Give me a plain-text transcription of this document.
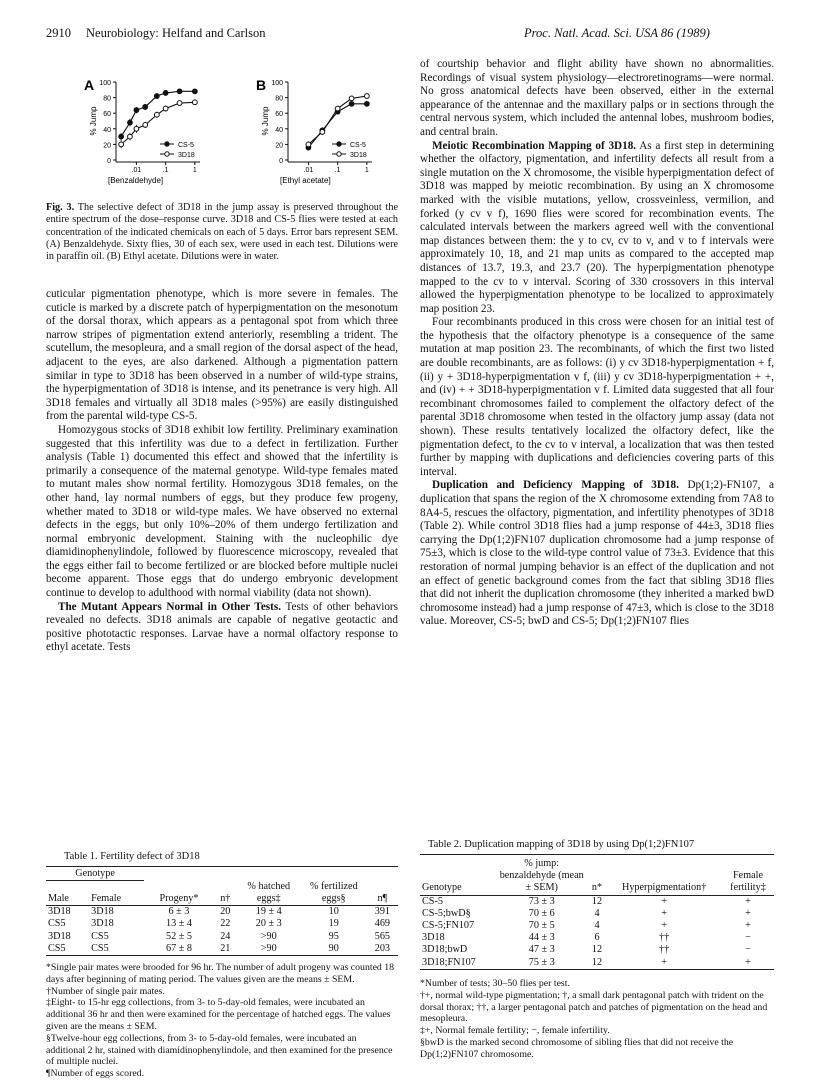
2910 Neurobiology: Helfand and Carlson	Proc. Natl. Acad. Sci. USA 86 (1989)
A
0
20
40
60
80
100
.01	.1	1
% Jump
[Benzaldehyde]
CS-5
3D18
B
0
20
40
60
80
100
.01	.1	1
% Jump
[Ethyl acetate]
CS-5
3D18
Fig. 3. The selective defect of 3D18 in the jump assay is preserved throughout the entire spectrum of the dose–response curve. 3D18 and CS-5 flies were tested at each concentration of the indicated chemicals on each of 5 days. Error bars represent SEM. (A) Benzaldehyde. Sixty flies, 30 of each sex, were used in each test. Dilutions were in paraffin oil. (B) Ethyl acetate. Dilutions were in water.

cuticular pigmentation phenotype, which is more severe in females. The cuticle is marked by a discrete patch of hyperpigmentation on the mesonotum of the dorsal thorax, which appears as a pentagonal spot from which three narrow stripes of pigmentation extend anteriorly, resembling a trident. The scutellum, the mesopleura, and a small region of the dorsal aspect of the head, adjacent to the eyes, are also darkened. Although a pigmentation pattern similar in type to 3D18 has been observed in a number of wild-type strains, the hyperpigmentation of 3D18 is intense, and its penetrance is very high. All 3D18 females and virtually all 3D18 males (>95%) are easily distinguished from the parental wild-type CS-5.

Homozygous stocks of 3D18 exhibit low fertility. Preliminary examination suggested that this infertility was due to a defect in fertilization. Further analysis (Table 1) documented this effect and showed that the infertility is primarily a consequence of the maternal genotype. Wild-type females mated to mutant males show normal fertility. Homozygous 3D18 females, on the other hand, lay normal numbers of eggs, but they produce few progeny, whether mated to 3D18 or wild-type males. We have observed no external defects in the eggs, but only 10%–20% of them undergo fertilization and normal embryonic development. Staining with the nucleophilic dye diamidinophenylindole, followed by fluorescence microscopy, revealed that the eggs either fail to become fertilized or are blocked before multiple nuclei become apparent. Those eggs that do undergo embryonic development continue to develop to adulthood with normal viability (data not shown).

The Mutant Appears Normal in Other Tests. Tests of other behaviors revealed no defects. 3D18 animals are capable of negative geotactic and positive phototactic responses. Larvae have a normal olfactory response to ethyl acetate. Tests

Table 1. Fertility defect of 3D18
Genotype						
Male	Female	Progeny*	n†	% hatched eggs‡	% fertilized eggs§	n¶
3D18	3D18	6 ± 3	20	19 ± 4	10	391
CS5	3D18	13 ± 4	22	20 ± 3	19	469
3D18	CS5	52 ± 5	24	>90	95	565
CS5	CS5	67 ± 8	21	>90	90	203
*Single pair mates were brooded for 96 hr. The number of adult progeny was counted 18 days after beginning of mating period. The values given are the means ± SEM.
†Number of single pair mates.
‡Eight- to 15-hr egg collections, from 3- to 5-day-old females, were incubated an additional 36 hr and then were examined for the percentage of hatched eggs. The values given are the means ± SEM.
§Twelve-hour egg collections, from 3- to 5-day-old females, were incubated an additional 2 hr, stained with diamidinophenylindole, and then examined for the presence of multiple nuclei.
¶Number of eggs scored.

of courtship behavior and flight ability have shown no abnormalities. Recordings of visual system physiology—electroretinograms—were normal. No gross anatomical defects have been observed, either in the external appearance of the antennae and the maxillary palps or in sections through the central nervous system, which included the antennal lobes, mushroom bodies, and central brain.

Meiotic Recombination Mapping of 3D18. As a first step in determining whether the olfactory, pigmentation, and infertility defects all result from a single mutation on the X chromosome, the visible hyperpigmentation defect of 3D18 was mapped by meiotic recombination. By using an X chromosome marked with the visible mutations, yellow, crossveinless, vermilion, and forked (y cv v f), 1690 flies were scored for recombination events. The calculated intervals between the markers agreed well with the conventional map distances between them: the y to cv, cv to v, and v to f intervals were approximately 10, 18, and 21 map units as compared to the accepted map distances of 13.7, 19.3, and 23.7 (20). The hyperpigmentation phenotype mapped to the cv to v interval. Scoring of 330 crossovers in this interval allowed the hyperpigmentation phenotype to be localized to approximately map position 23.

Four recombinants produced in this cross were chosen for an initial test of the hypothesis that the olfactory phenotype is a consequence of the same mutation at map position 23. The recombinants, of which the first two listed are double recombinants, are as follows: (i) y cv 3D18-hyperpigmentation + f, (ii) y + 3D18-hyperpigmentation v f, (iii) y cv 3D18-hyperpigmentation + +, and (iv) + + 3D18-hyperpigmentation v f. Limited data suggested that all four recombinant chromosomes failed to complement the olfactory defect of the parental 3D18 chromosome when tested in the olfactory jump assay (data not shown). These results tentatively localized the olfactory defect, like the pigmentation defect, to the cv to v interval, a localization that was then tested further by mapping with duplications and deficiencies covering parts of this interval.

Duplication and Deficiency Mapping of 3D18. Dp(1;2)-FN107, a duplication that spans the region of the X chromosome extending from 7A8 to 8A4-5, rescues the olfactory, pigmentation, and infertility phenotypes of 3D18 (Table 2). While control 3D18 flies had a jump response of 44±3, 3D18 flies carrying the Dp(1;2)FN107 duplication chromosome had a jump response of 75±3, which is close to the wild-type control value of 73±3. Evidence that this restoration of normal jumping behavior is an effect of the duplication and not an effect of genetic background comes from the fact that sibling 3D18 flies that did not inherit the duplication chromosome (they inherited a marked bwD chromosome instead) had a jump response of 47±3, which is close to the 3D18 value. Moreover, CS-5; bwD and CS-5; Dp(1;2)FN107 flies

Table 2. Duplication mapping of 3D18 by using Dp(1;2)FN107
Genotype	% jump: benzaldehyde (mean ± SEM)	n*	Hyperpigmentation†	Female fertility‡
CS-5	73 ± 3	12	+	+
CS-5;bwD§	70 ± 6	4	+	+
CS-5;FN107	70 ± 5	4	+	+
3D18	44 ± 3	6	††	−
3D18;bwD	47 ± 3	12	††	−
3D18;FN107	75 ± 3	12	+	+
*Number of tests; 30–50 flies per test.
†+, normal wild-type pigmentation; †, a small dark pentagonal patch with trident on the dorsal thorax; ††, a larger pentagonal patch and patches of pigmentation on the head and mesopleura.
‡+, Normal female fertility; −, female infertility.
§bwD is the marked second chromosome of sibling flies that did not receive the Dp(1;2)FN107 chromosome.
